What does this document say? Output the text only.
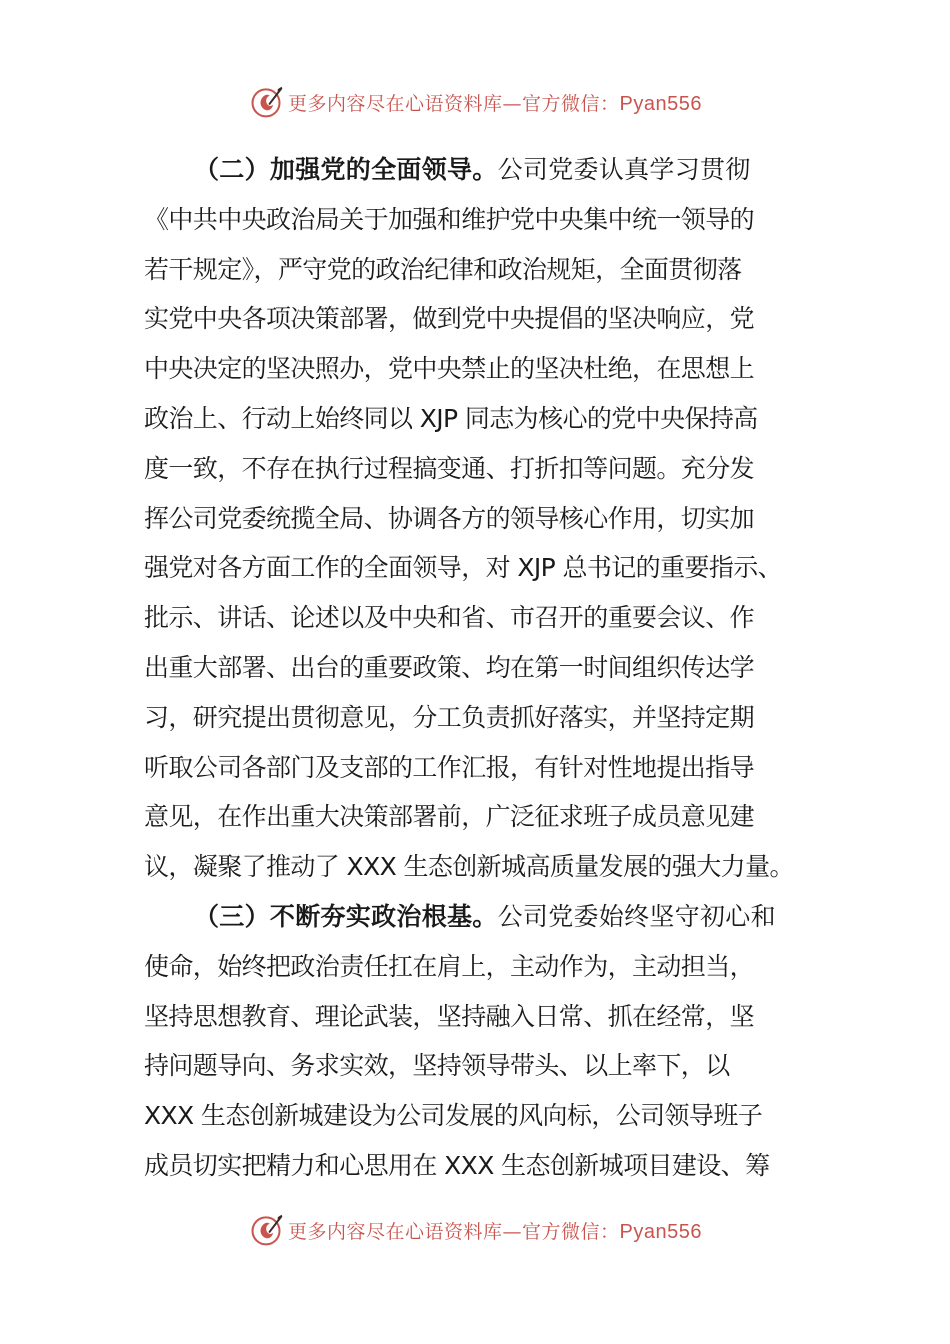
更多内容尽在心语资料库—官方微信：Pyan556
（二）加强党的全面领导。公司党委认真学习贯彻
《中共中央政治局关于加强和维护党中央集中统一领导的
若干规定》，严守党的政治纪律和政治规矩，全面贯彻落
实党中央各项决策部署，做到党中央提倡的坚决响应，党
中央决定的坚决照办，党中央禁止的坚决杜绝，在思想上
政治上、行动上始终同以 XJP 同志为核心的党中央保持高
度一致，不存在执行过程搞变通、打折扣等问题。充分发
挥公司党委统揽全局、协调各方的领导核心作用，切实加
强党对各方面工作的全面领导，对 XJP 总书记的重要指示、
批示、讲话、论述以及中央和省、市召开的重要会议、作
出重大部署、出台的重要政策、均在第一时间组织传达学
习，研究提出贯彻意见，分工负责抓好落实，并坚持定期
听取公司各部门及支部的工作汇报，有针对性地提出指导
意见，在作出重大决策部署前，广泛征求班子成员意见建
议，凝聚了推动了 XXX 生态创新城高质量发展的强大力量。
（三）不断夯实政治根基。公司党委始终坚守初心和
使命，始终把政治责任扛在肩上，主动作为，主动担当，
坚持思想教育、理论武装，坚持融入日常、抓在经常，坚
持问题导向、务求实效，坚持领导带头、以上率下，以
XXX 生态创新城建设为公司发展的风向标，公司领导班子
成员切实把精力和心思用在 XXX 生态创新城项目建设、筹
更多内容尽在心语资料库—官方微信：Pyan556
